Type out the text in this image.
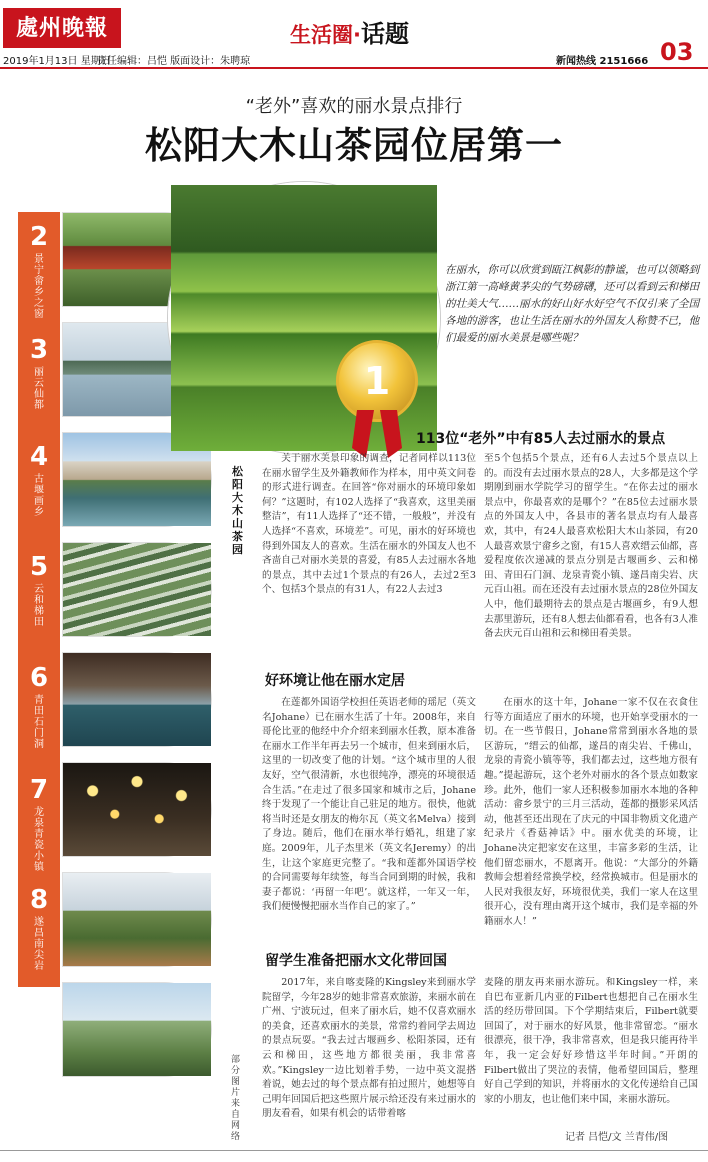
處州晚報	生活圈·话题
03
2019年1月13日 星期日
责任编辑：吕恺 版面设计：朱聘琼	新闻热线 2151666
“老外”喜欢的丽水景点排行
松阳大木山茶园位居第一
2
景宁畲乡之窗
3
丽云仙都
4
古堰画乡
5
云和梯田
6
青田石门洞
7
龙泉青瓷小镇
8
遂昌南尖岩
9
庆元百山祖
1
在丽水，你可以欣赏到瓯江枫影的静谧，也可以领略到浙江第一高峰黄茅尖的气势磅礴，还可以看到云和梯田的壮美大气……丽水的好山好水好空气不仅引来了全国各地的游客，也让生活在丽水的外国友人称赞不已，他们最爱的丽水美景是哪些呢？
113位“老外”中有85人去过丽水的景点
松阳大木山茶园
关于丽水美景印象的调查，记者同样以113位在丽水留学生及外籍教师作为样本，用中英文问卷的形式进行调查。在回答“你对丽水的环境印象如何？”这题时，有102人选择了“我喜欢，这里美丽整洁”，有11人选择了“还不错，一般般”，并没有人选择“不喜欢，环境差”。可见，丽水的好环境也得到外国友人的喜欢。生活在丽水的外国友人也不吝啬自己对丽水美景的喜爱，有85人去过丽水各地的景点，其中去过1个景点的有26人，去过2至3个、包括3个景点的有31人，有22人去过3
至5个包括5个景点，还有6人去过5个景点以上的。而没有去过丽水景点的28人，大多都是这个学期刚到丽水学院学习的留学生。“在你去过的丽水景点中，你最喜欢的是哪个？”在85位去过丽水景点的外国友人中，各县市的著名景点均有人最喜欢，其中，有24人最喜欢松阳大木山茶园，有20人最喜欢景宁畲乡之窗，有15人喜欢缙云仙都，喜爱程度依次递减的景点分别是古堰画乡、云和梯田、青田石门洞、龙泉青瓷小镇、遂昌南尖岩、庆元百山祖。而在还没有去过丽水景点的28位外国友人中，他们最期待去的景点是古堰画乡，有9人想去那里游玩，还有8人想去仙都看看，也各有3人准备去庆元百山祖和云和梯田看美景。
好环境让他在丽水定居
在莲都外国语学校担任英语老师的瑶尼（英文名Johane）已在丽水生活了十年。2008年，来自哥伦比亚的他经中介介绍来到丽水任教，原本准备在丽水工作半年再去另一个城市，但来到丽水后，这里的一切改变了他的计划。“这个城市里的人很友好，空气很清新，水也很纯净，漂亮的环境很适合生活。”在走过了很多国家和城市之后，Johane终于发现了一个能让自己驻足的地方。很快，他就将当时还是女朋友的梅尔瓦（英文名Melva）接到了身边。随后，他们在丽水举行婚礼，组建了家庭。2009年，儿子杰里米（英文名Jeremy）的出生，让这个家庭更完整了。“我和莲都外国语学校的合同需要每年续签，每当合同到期的时候，我和妻子都说：‘再留一年吧’。就这样，一年又一年，我们便慢慢把丽水当作自己的家了。”
在丽水的这十年，Johane一家不仅在衣食住行等方面适应了丽水的环境，也开始享受丽水的一切。在一些节假日，Johane常常到丽水各地的景区游玩，“缙云的仙都，遂昌的南尖岩、千佛山，龙泉的青瓷小镇等等，我们都去过，这些地方很有趣。”提起游玩，这个老外对丽水的各个景点如数家珍。此外，他们一家人还积极参加丽水本地的各种活动：畲乡景宁的三月三活动，莲都的摄影采风活动，他甚至还出现在了庆元的中国非物质文化遗产纪录片《香菇神话》中。丽水优美的环境，让Johane决定把家安在这里，丰富多彩的生活，让他们留恋丽水，不愿离开。他说：“大部分的外籍教师会想着经常换学校，经常换城市。但是丽水的人民对我很友好，环境很优美，我们一家人在这里很开心，没有理由离开这个城市，我们是幸福的外籍丽水人！”
留学生准备把丽水文化带回国
2017年，来自喀麦隆的Kingsley来到丽水学院留学，今年28岁的她非常喜欢旅游，来丽水前在广州、宁波玩过，但来了丽水后，她不仅喜欢丽水的美食，还喜欢丽水的美景，常常约着同学去周边的景点玩耍。“我去过古堰画乡、松阳茶园，还有云和梯田，这些地方都很美丽，我非常喜欢。”Kingsley一边比划着手势，一边中英文混搭着说，她去过的每个景点都有拍过照片，她想等自己明年回国后把这些照片展示给还没有来过丽水的朋友看看，如果有机会的话带着喀
麦隆的朋友再来丽水游玩。和Kingsley一样，来自巴布亚新几内亚的Filbert也想把自己在丽水生活的经历带回国。下个学期结束后，Filbert就要回国了，对于丽水的好风景，他非常留恋。“丽水很漂亮，很干净，我非常喜欢，但是我只能再待半年，我一定会好好珍惜这半年时间。”开朗的Filbert做出了哭泣的表情，他希望回国后，整理好自己学到的知识，并将丽水的文化传递给自己国家的小朋友，也让他们来中国，来丽水游玩。
部分图片来自网络	记者 吕恺/文 兰青伟/图
